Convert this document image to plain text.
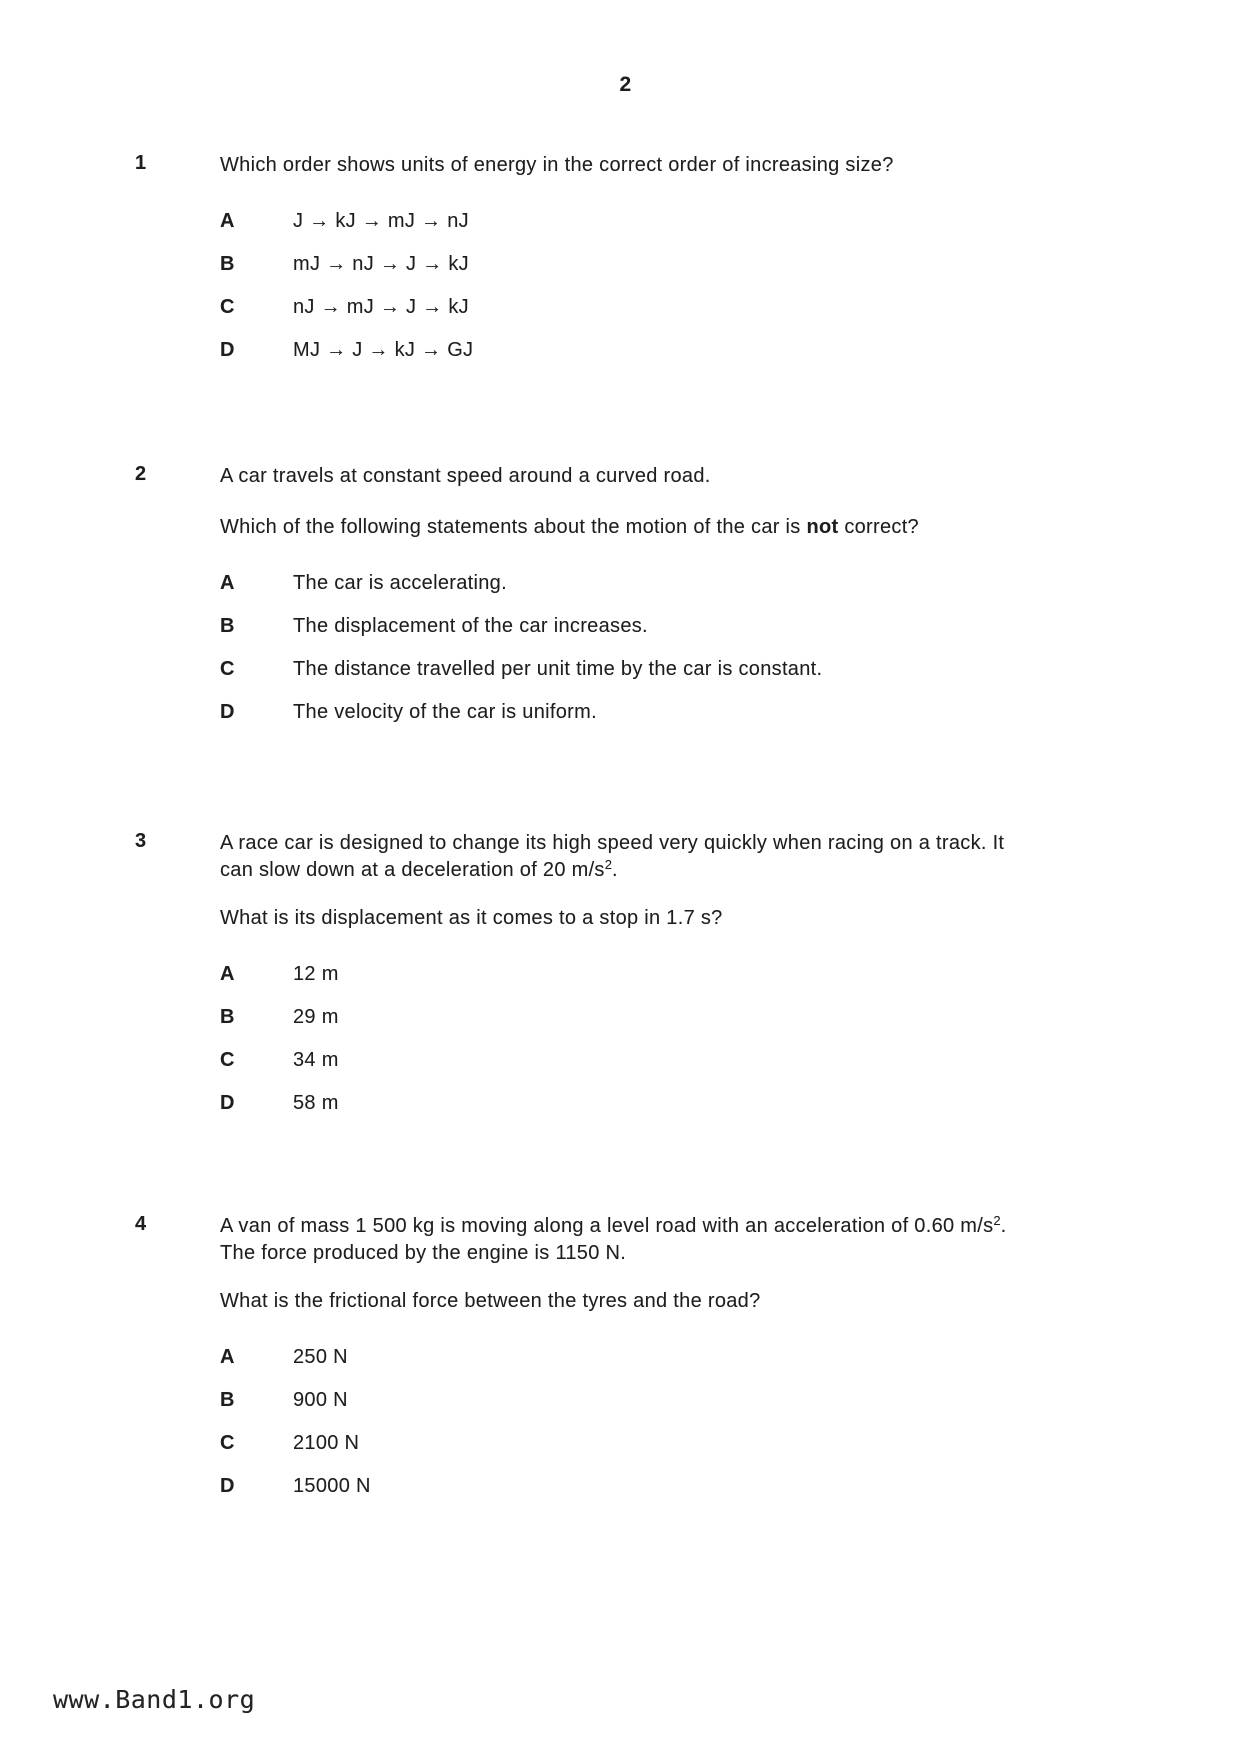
2
1	Which order shows units of energy in the correct order of increasing size?
A	J → kJ → mJ → nJ
B	mJ → nJ → J → kJ
C	nJ → mJ → J → kJ
D	MJ → J → kJ → GJ
2	A car travels at constant speed around a curved road.
Which of the following statements about the motion of the car is not correct?
A	The car is accelerating.
B	The displacement of the car increases.
C	The distance travelled per unit time by the car is constant.
D	The velocity of the car is uniform.
3	A race car is designed to change its high speed very quickly when racing on a track. It
can slow down at a deceleration of 20 $m/s^2$.
What is its displacement as it comes to a stop in 1.7 s?
A	12 m
B	29 m
C	34 m
D	58 m
4	A van of mass 1 500 kg is moving along a level road with an acceleration of 0.60 $m/s^2$.
The force produced by the engine is 1150 N.
What is the frictional force between the tyres and the road?
A	250 N
B	900 N
C	2100 N
D	15000 N
www.Band1.org
